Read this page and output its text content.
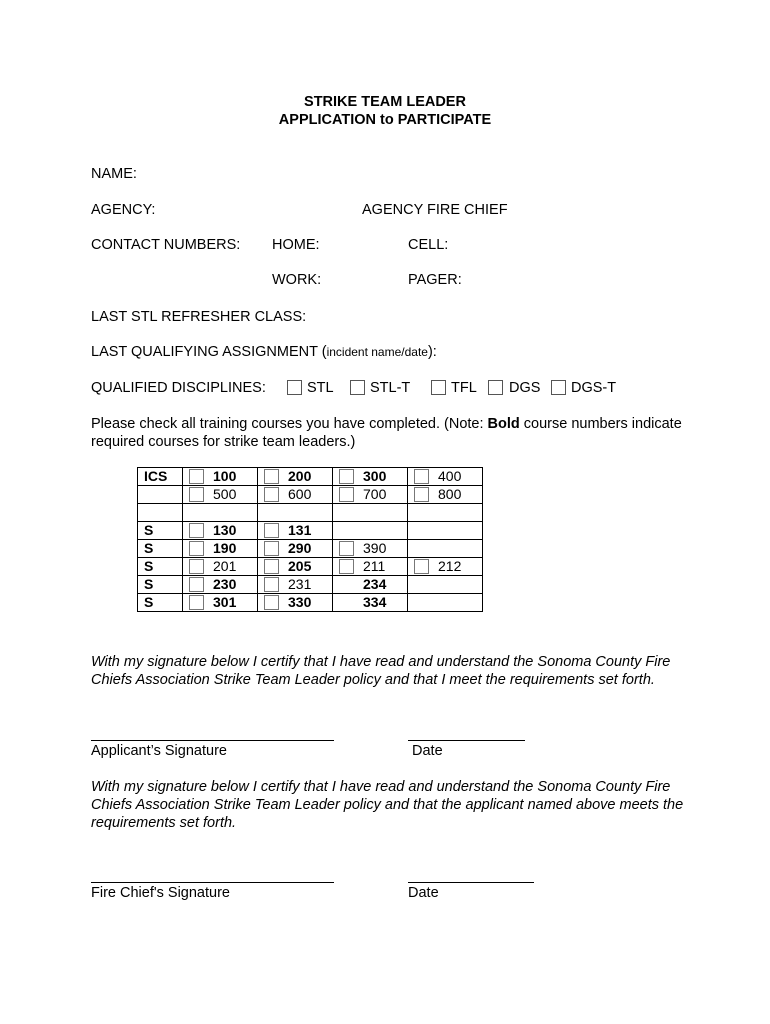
STRIKE TEAM LEADER
APPLICATION to PARTICIPATE
NAME:
AGENCY:	AGENCY FIRE CHIEF
CONTACT NUMBERS: HOME:	CELL:
WORK:	PAGER:
LAST STL REFRESHER CLASS:
LAST QUALIFYING ASSIGNMENT (incident name/date):
QUALIFIED DISCIPLINES:	STL	STL-T	TFL DGS DGS-T
Please check all training courses you have completed. (Note: Bold course numbers indicate required courses for strike team leaders.)
ICS	100	200	300	400

	500	600	700	800

S	130	131		

S	190	290	390	

S	201	205	211	212

S	230	231	234	

S	301	330	334	

With my signature below I certify that I have read and understand the Sonoma County Fire Chiefs Association Strike Team Leader policy and that I meet the requirements set forth.
Applicant’s Signature	Date
With my signature below I certify that I have read and understand the Sonoma County Fire Chiefs Association Strike Team Leader policy and that the applicant named above meets the requirements set forth.
Fire Chief's Signature	Date
